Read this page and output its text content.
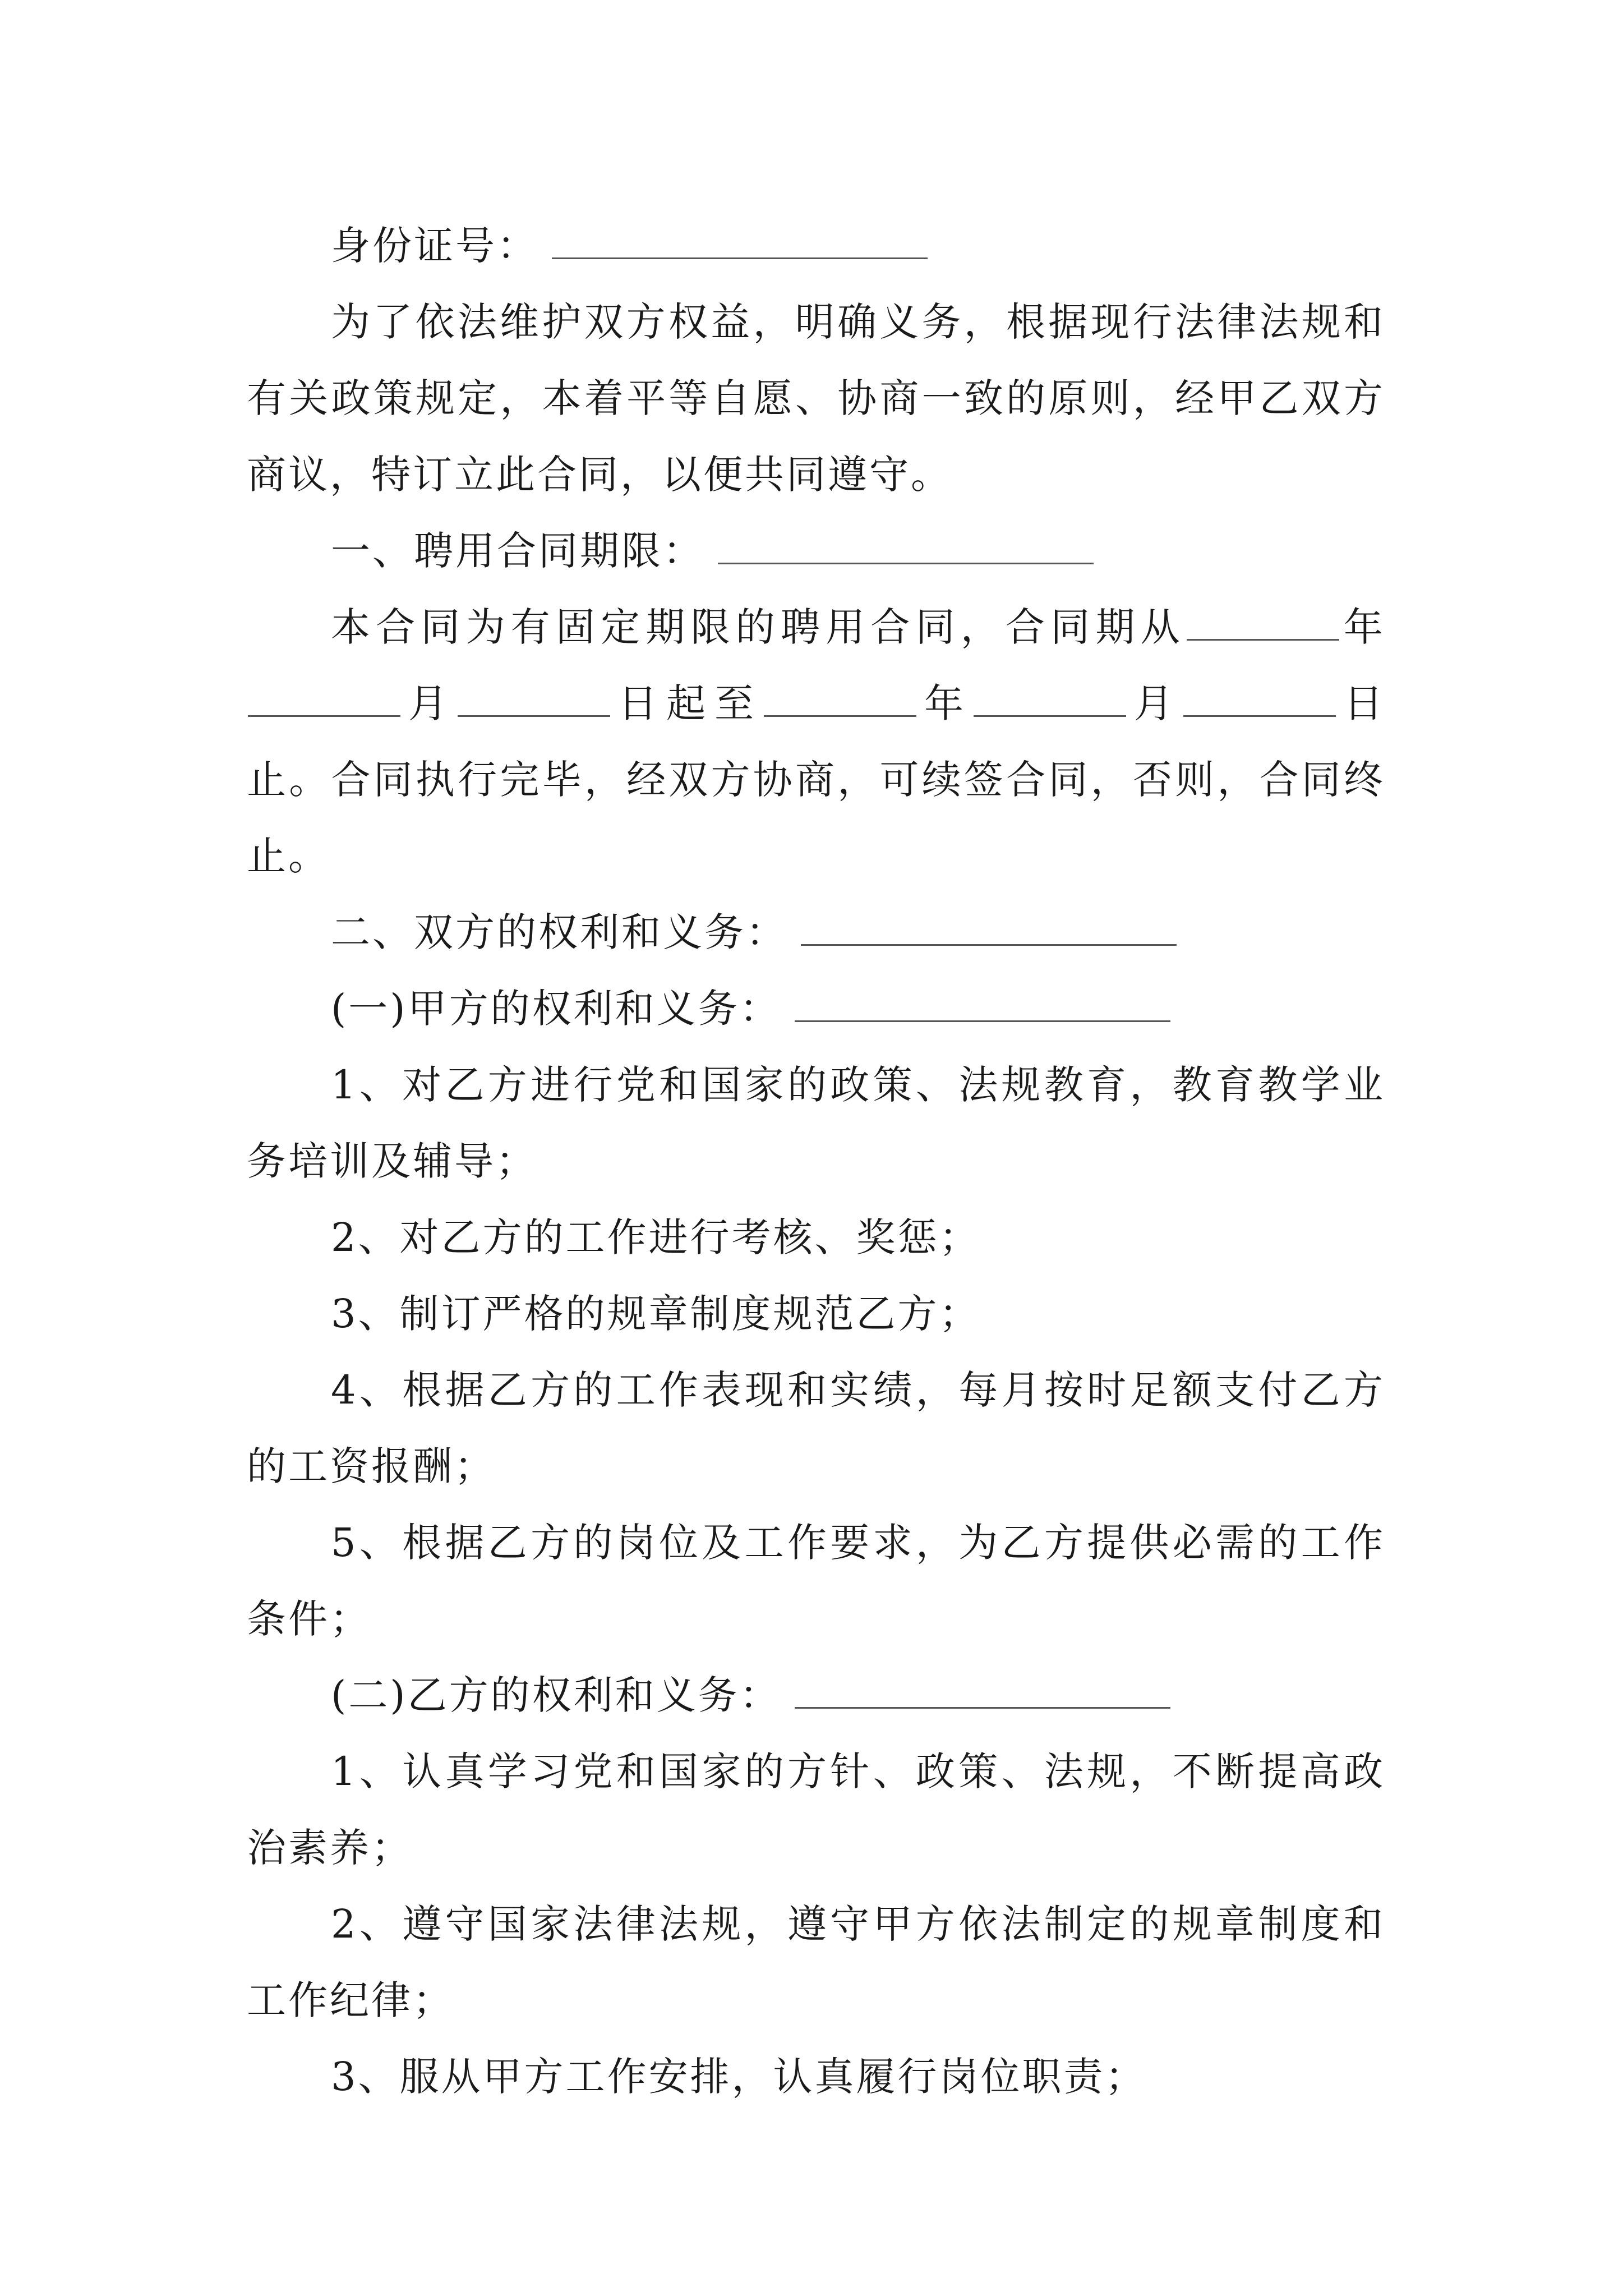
身份证号：

为了依法维护双方权益，明确义务，根据现行法律法规和有关政策规定，本着平等自愿、协商一致的原则，经甲乙双方商议，特订立此合同，以便共同遵守。

一、聘用合同期限：

本合同为有固定期限的聘用合同，合同期从	年月	日起至	年	月	日止。合同执行完毕，经双方协商，可续签合同，否则，合同终止。

二、双方的权利和义务：

(一)甲方的权利和义务：

1、对乙方进行党和国家的政策、法规教育，教育教学业务培训及辅导；

2、对乙方的工作进行考核、奖惩；

3、制订严格的规章制度规范乙方；

4、根据乙方的工作表现和实绩，每月按时足额支付乙方的工资报酬；

5、根据乙方的岗位及工作要求，为乙方提供必需的工作条件；

(二)乙方的权利和义务：

1、认真学习党和国家的方针、政策、法规，不断提高政治素养；

2、遵守国家法律法规，遵守甲方依法制定的规章制度和工作纪律；

3、服从甲方工作安排，认真履行岗位职责；
